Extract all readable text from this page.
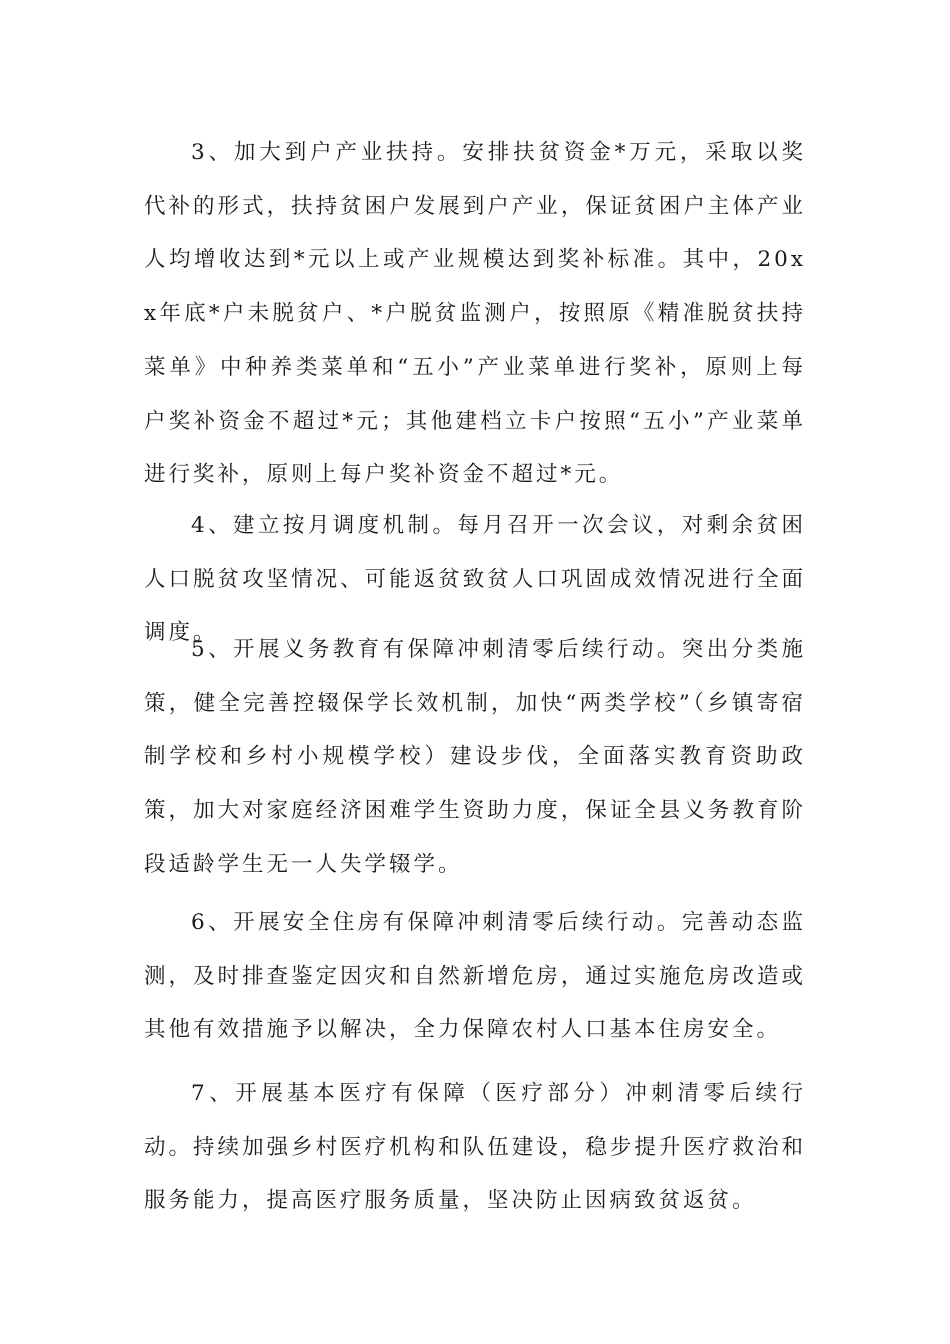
3、加大到户产业扶持。安排扶贫资金*万元，采取以奖代补的形式，扶持贫困户发展到户产业，保证贫困户主体产业人均增收达到*元以上或产业规模达到奖补标准。其中，20xx年底*户未脱贫户、*户脱贫监测户，按照原《精准脱贫扶持菜单》中种养类菜单和“五小”产业菜单进行奖补，原则上每户奖补资金不超过*元；其他建档立卡户按照“五小”产业菜单进行奖补，原则上每户奖补资金不超过*元。

4、建立按月调度机制。每月召开一次会议，对剩余贫困人口脱贫攻坚情况、可能返贫致贫人口巩固成效情况进行全面调度。

5、开展义务教育有保障冲刺清零后续行动。突出分类施策，健全完善控辍保学长效机制，加快“两类学校”（乡镇寄宿制学校和乡村小规模学校）建设步伐，全面落实教育资助政策，加大对家庭经济困难学生资助力度，保证全县义务教育阶段适龄学生无一人失学辍学。

6、开展安全住房有保障冲刺清零后续行动。完善动态监测，及时排查鉴定因灾和自然新增危房，通过实施危房改造或其他有效措施予以解决，全力保障农村人口基本住房安全。

7、开展基本医疗有保障（医疗部分）冲刺清零后续行动。持续加强乡村医疗机构和队伍建设，稳步提升医疗救治和服务能力，提高医疗服务质量，坚决防止因病致贫返贫。
